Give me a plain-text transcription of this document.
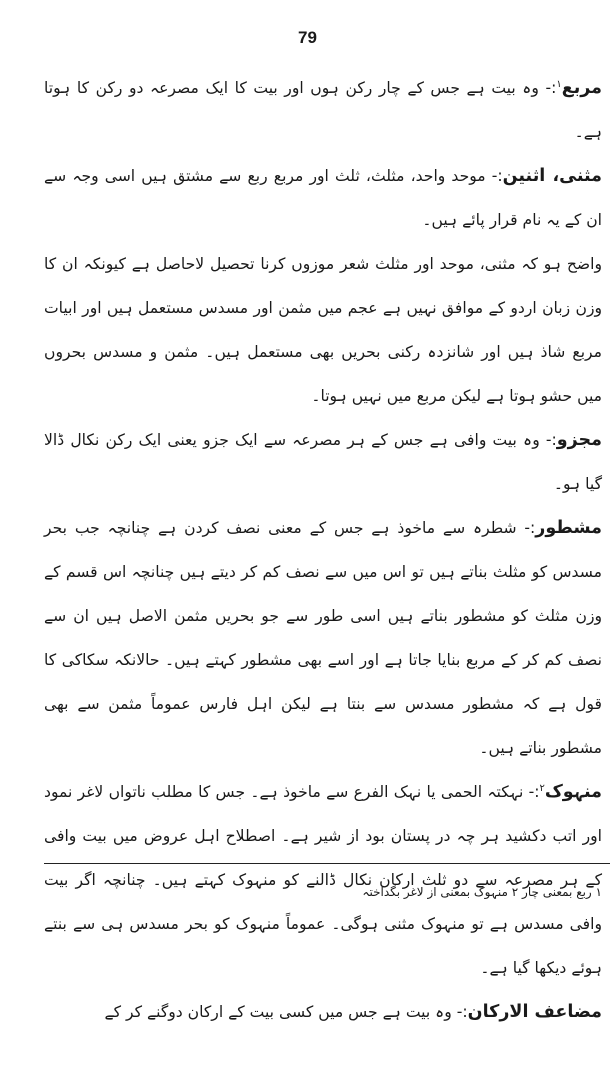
79

مربع$^۱$:- وہ بیت ہے جس کے چار رکن ہوں اور بیت کا ایک مصرعہ دو رکن کا ہوتا ہے۔

مثنی، اثنین:- موحد واحد، مثلث، ثلث اور مربع ربع سے مشتق ہیں اسی وجہ سے ان کے یہ نام قرار پائے ہیں۔

واضح ہو کہ مثنی، موحد اور مثلث شعر موزوں کرنا تحصیل لاحاصل ہے کیونکہ ان کا وزن زبان اردو کے موافق نہیں ہے عجم میں مثمن اور مسدس مستعمل ہیں اور ابیات مربع شاذ ہیں اور شانزدہ رکنی بحریں بھی مستعمل ہیں۔ مثمن و مسدس بحروں میں حشو ہوتا ہے لیکن مربع میں نہیں ہوتا۔

مجزو:- وہ بیت وافی ہے جس کے ہر مصرعہ سے ایک جزو یعنی ایک رکن نکال ڈالا گیا ہو۔

مشطور:- شطرہ سے ماخوذ ہے جس کے معنی نصف کردن ہے چنانچہ جب بحر مسدس کو مثلث بناتے ہیں تو اس میں سے نصف کم کر دیتے ہیں چنانچہ اس قسم کے وزن مثلث کو مشطور بناتے ہیں اسی طور سے جو بحریں مثمن الاصل ہیں ان سے نصف کم کر کے مربع بنایا جاتا ہے اور اسے بھی مشطور کہتے ہیں۔ حالانکہ سکاکی کا قول ہے کہ مشطور مسدس سے بنتا ہے لیکن اہل فارس عموماً مثمن سے بھی مشطور بناتے ہیں۔

منہوک$^۲$:- نہکتہ الحمی یا نہک الفرع سے ماخوذ ہے۔ جس کا مطلب ناتواں لاغر نمود اور اتب دکشید ہر چہ در پستان بود از شیر ہے۔ اصطلاح اہل عروض میں بیت وافی کے ہر مصرعہ سے دو ثلث ارکان نکال ڈالنے کو منہوک کہتے ہیں۔ چنانچہ اگر بیت وافی مسدس ہے تو منہوک مثنی ہوگی۔ عموماً منہوک کو بحر مسدس ہی سے بنتے ہوئے دیکھا گیا ہے۔

مضاعف الارکان:- وہ بیت ہے جس میں کسی بیت کے ارکان دوگنے کر کے

۱ ربع بمعنی چار ۲ منہوک بمعنی از لاغر بگداختہ
